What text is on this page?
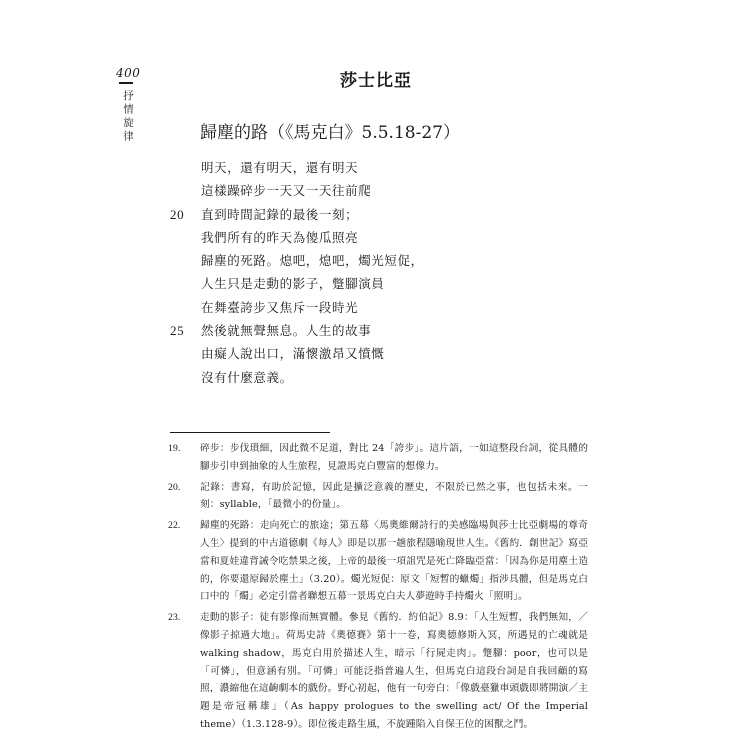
400
抒情旋律
莎士比亞
歸塵的路（《馬克白》5.5.18-27）
明天，還有明天，還有明天
這樣躁碎步一天又一天往前爬
20 直到時間記錄的最後一刻；
我們所有的昨天為傻瓜照亮
歸塵的死路。熄吧，熄吧，燭光短促，
人生只是走動的影子，蹩腳演員
在舞臺誇步又焦斥一段時光
25 然後就無聲無息。人生的故事
由癡人說出口，滿懷激昂又憤慨
沒有什麼意義。
19. 碎步：步伐瑣細，因此微不足道，對比 24「誇步」。這片語，一如這整段台詞，從具體的腳步引申到抽象的人生旅程，見證馬克白豐富的想像力。
20. 記錄：書寫，有助於記憶，因此是擴泛意義的歷史，不限於已然之事，也包括未來。一刻：syllable，「最微小的份量」。
22. 歸塵的死路：走向死亡的旅途；第五幕〈馬奧維爾詩行的美感臨場與莎士比亞劇場的尊奇人生〉提到的中古道德劇《每人》即是以那一趟旅程隱喻現世人生。《舊約．創世記》寫亞當和夏娃違背誡令吃禁果之後，上帝的最後一項詛咒是死亡降臨亞當：「因為你是用塵土造的，你要還原歸於塵土」（3.20）。燭光短促：原文「短暫的蠟燭」指涉具體，但是馬克白口中的「燭」必定引當者聯想五幕一景馬克白夫人夢遊時手持燭火「照明」。
23. 走動的影子：徒有影像而無實體。參見《舊約．約伯記》8.9：「人生短暫，我們無知，／像影子掠過大地」。荷馬史詩《奧德賽》第十一卷，寫奧德修斯入冥，所遇見的亡魂就是 walking shadow，馬克白用於描述人生，暗示「行屍走肉」。蹩腳：poor，也可以是「可憐」，但意涵有別。「可憐」可能泛指普遍人生，但馬克白這段台詞是自我回顧的寫照，濃縮他在這齣劇本的戲份。野心初起，他有一句旁白：「像戲臺獵車頭戲即將開演／主題是帝冠稱雄」（As happy prologues to the swelling act/ Of the Imperial theme）（1.3.128-9）。即位後走路生風，不旋踵陷入自保王位的困獸之鬥。
